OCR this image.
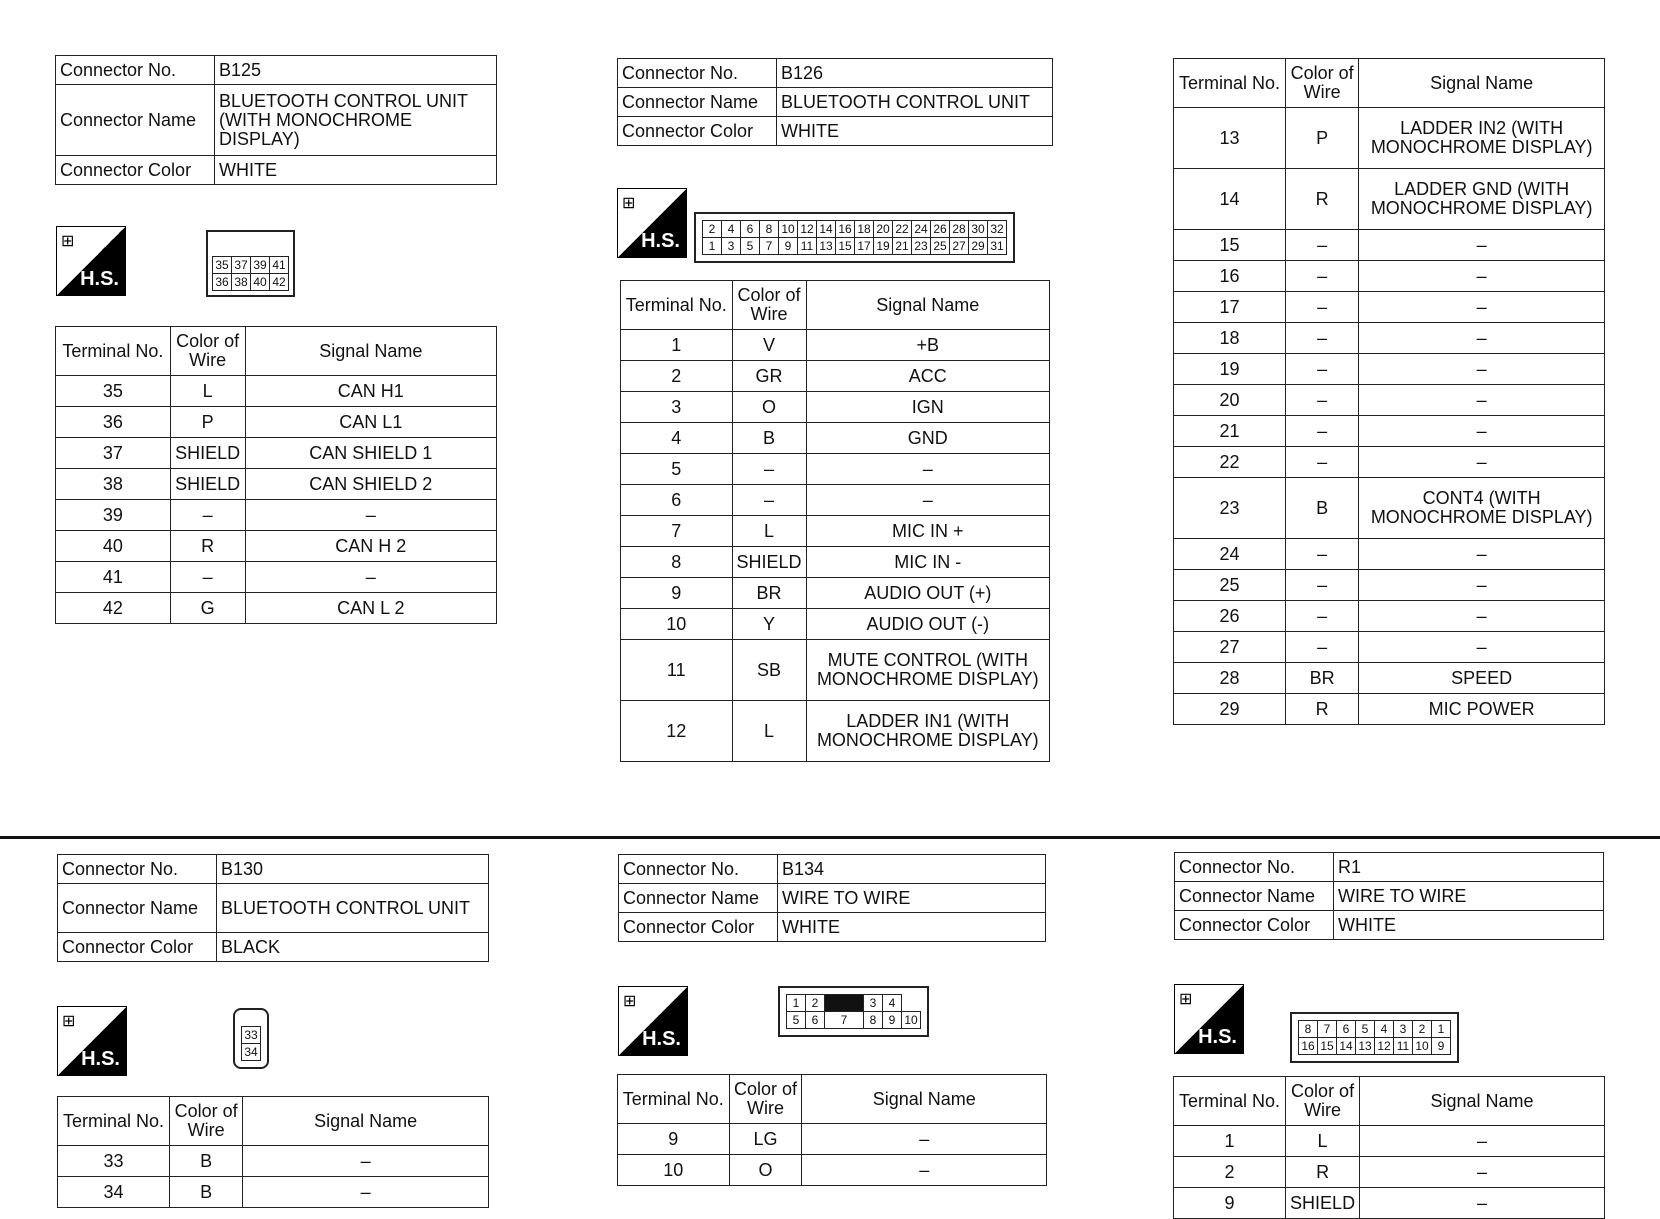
Connector No.	B125
Connector Name	BLUETOOTH CONTROL UNIT (WITH MONOCHROME DISPLAY)
Connector Color	WHITE
⊞
H.S.
35	37	39	41
36	38	40	42
Terminal No.	Color of Wire	Signal Name
35	L	CAN H1
36	P	CAN L1
37	SHIELD	CAN SHIELD 1
38	SHIELD	CAN SHIELD 2
39	–	–
40	R	CAN H 2
41	–	–
42	G	CAN L 2
Connector No.	B126
Connector Name	BLUETOOTH CONTROL UNIT
Connector Color	WHITE
⊞
H.S.
2	4	6	8	10	12	14	16	18	20	22	24	26	28	30	32
1	3	5	7	9	11	13	15	17	19	21	23	25	27	29	31
Terminal No.	Color of Wire	Signal Name
1	V	+B
2	GR	ACC
3	O	IGN
4	B	GND
5	–	–
6	–	–
7	L	MIC IN +
8	SHIELD	MIC IN -
9	BR	AUDIO OUT (+)
10	Y	AUDIO OUT (-)
11	SB	MUTE CONTROL (WITH MONOCHROME DISPLAY)
12	L	LADDER IN1 (WITH MONOCHROME DISPLAY)
Terminal No.	Color of Wire	Signal Name
13	P	LADDER IN2 (WITH MONOCHROME DISPLAY)
14	R	LADDER GND (WITH MONOCHROME DISPLAY)
15	–	–
16	–	–
17	–	–
18	–	–
19	–	–
20	–	–
21	–	–
22	–	–
23	B	CONT4 (WITH MONOCHROME DISPLAY)
24	–	–
25	–	–
26	–	–
27	–	–
28	BR	SPEED
29	R	MIC POWER
Connector No.	B130
Connector Name	BLUETOOTH CONTROL UNIT
Connector Color	BLACK
⊞
H.S.
33
34
Terminal No.	Color of Wire	Signal Name
33	B	–
34	B	–
Connector No.	B134
Connector Name	WIRE TO WIRE
Connector Color	WHITE
⊞
H.S.
1	2		3	4	
5	6	7	8	9	10
Terminal No.	Color of Wire	Signal Name
9	LG	–
10	O	–
Connector No.	R1
Connector Name	WIRE TO WIRE
Connector Color	WHITE
⊞
H.S.	8	7	6	5	4	3	2	1
16	15	14	13	12	11	10	9
Terminal No.	Color of Wire	Signal Name
1	L	–
2	R	–
9	SHIELD	–
